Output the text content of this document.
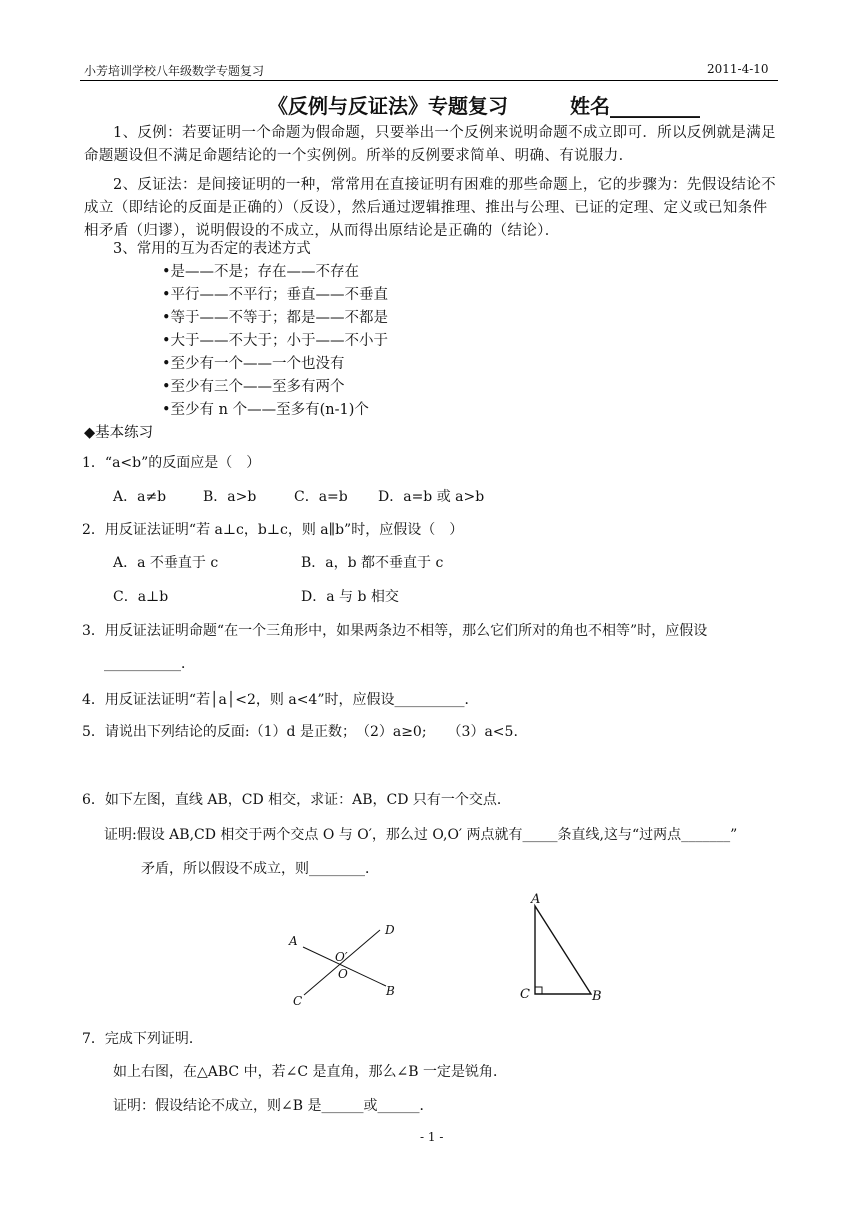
小芳培训学校八年级数学专题复习	2011-4-10
《反例与反证法》专题复习	姓名_________
1、反例：若要证明一个命题为假命题，只要举出一个反例来说明命题不成立即可．所以反例就是满足命题题设但不满足命题结论的一个实例例。所举的反例要求简单、明确、有说服力．
2、反证法：是间接证明的一种，常常用在直接证明有困难的那些命题上，它的步骤为：先假设结论不成立（即结论的反面是正确的）（反设），然后通过逻辑推理、推出与公理、已证的定理、定义或已知条件相矛盾（归谬），说明假设的不成立，从而得出原结论是正确的（结论）．
3、常用的互为否定的表述方式
•是——不是；存在——不存在
•平行——不平行；垂直——不垂直
•等于——不等于；都是——不都是
•大于——不大于；小于——不小于
•至少有一个——一个也没有
•至少有三个——至多有两个
•至少有 n 个——至多有(n-1)个
◆基本练习
1．“a<b”的反面应是（　）
A．a≠b	B．a>b	C．a=b D．a=b 或 a>b
2．用反证法证明“若 a⊥c，b⊥c，则 a∥b”时，应假设（　）
A．a 不垂直于 c	B．a，b 都不垂直于 c
C．a⊥b	D．a 与 b 相交
3．用反证法证明命题“在一个三角形中，如果两条边不相等，那么它们所对的角也不相等”时，应假设
___________．
4．用反证法证明“若│a│<2，则 a<4”时，应假设__________．
5．请说出下列结论的反面:（1）d 是正数；　（2）a≥0;　　（3）a<5.
6．如下左图，直线 AB，CD 相交，求证：AB，CD 只有一个交点．
证明:假设 AB,CD 相交于两个交点 O 与 O′，那么过 O,O′ 两点就有_____条直线,这与“过两点_______”
矛盾，所以假设不成立，则________．
A
D
O′
O
C
B
A
C	B
7．完成下列证明．
如上右图，在△ABC 中，若∠C 是直角，那么∠B 一定是锐角．
证明：假设结论不成立，则∠B 是______或______．
- 1 -
